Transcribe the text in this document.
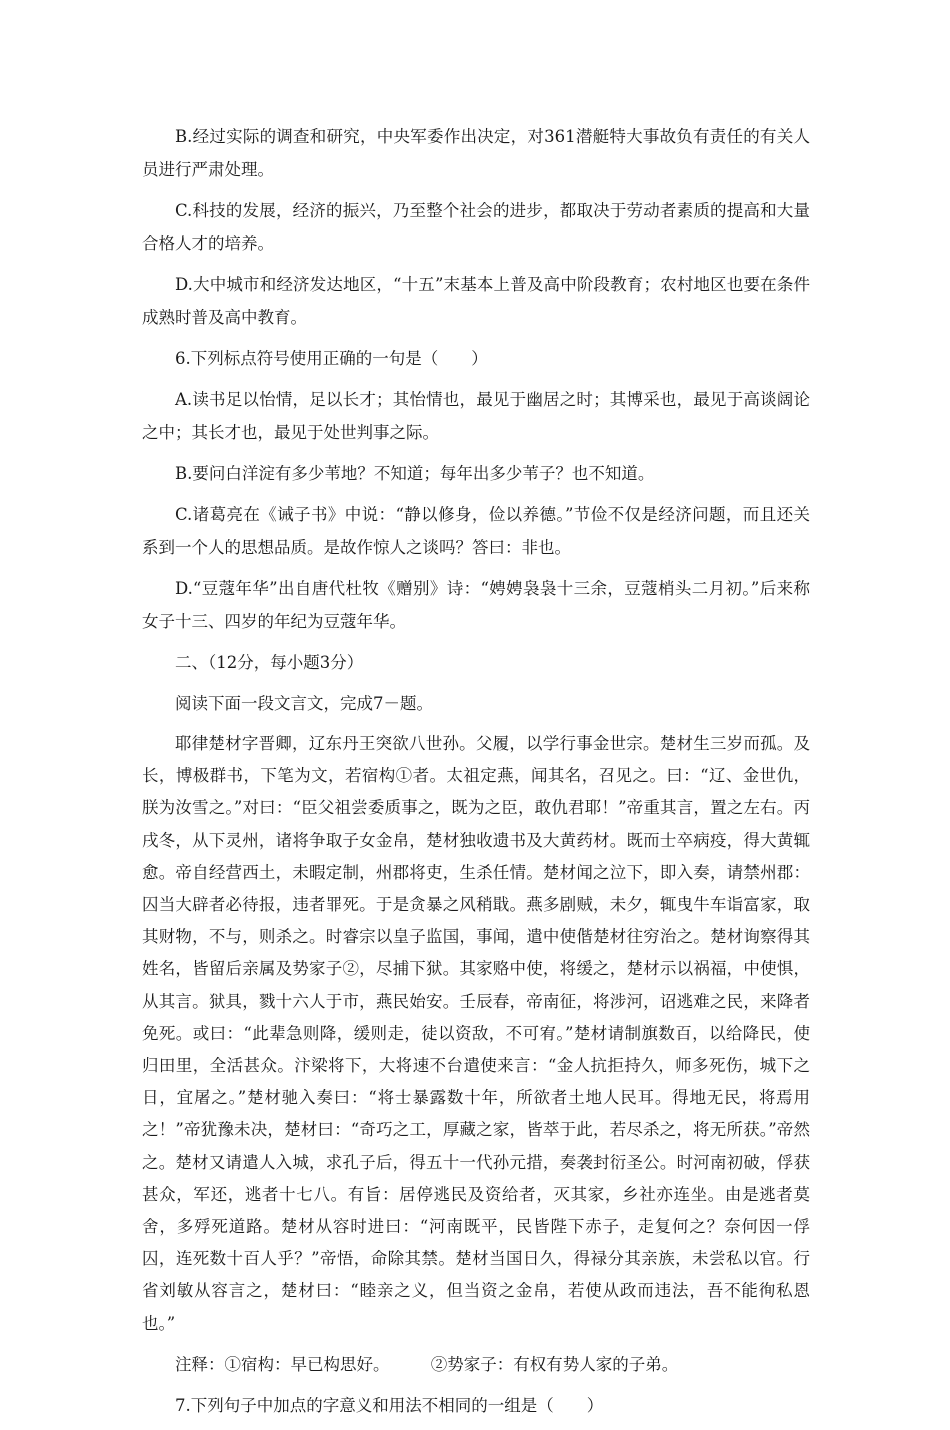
B.经过实际的调查和研究，中央军委作出决定，对361潜艇特大事故负有责任的有关人员进行严肃处理。

C.科技的发展，经济的振兴，乃至整个社会的进步，都取决于劳动者素质的提高和大量合格人才的培养。

D.大中城市和经济发达地区，“十五”末基本上普及高中阶段教育；农村地区也要在条件成熟时普及高中教育。

6.下列标点符号使用正确的一句是（　　）

A.读书足以怡情，足以长才；其怡情也，最见于幽居之时；其博采也，最见于高谈阔论之中；其长才也，最见于处世判事之际。

B.要问白洋淀有多少苇地？不知道；每年出多少苇子？也不知道。

C.诸葛亮在《诫子书》中说：“静以修身，俭以养德。”节俭不仅是经济问题，而且还关系到一个人的思想品质。是故作惊人之谈吗？答曰：非也。

D.“豆蔻年华”出自唐代杜牧《赠别》诗：“娉娉袅袅十三余，豆蔻梢头二月初。”后来称女子十三、四岁的年纪为豆蔻年华。

二、（12分，每小题3分）

阅读下面一段文言文，完成7－题。

耶律楚材字晋卿，辽东丹王突欲八世孙。父履，以学行事金世宗。楚材生三岁而孤。及长，博极群书，下笔为文，若宿构①者。太祖定燕，闻其名，召见之。曰：“辽、金世仇，朕为汝雪之。”对曰：“臣父祖尝委质事之，既为之臣，敢仇君耶！”帝重其言，置之左右。丙戌冬，从下灵州，诸将争取子女金帛，楚材独收遗书及大黄药材。既而士卒病疫，得大黄辄愈。帝自经营西土，未暇定制，州郡将吏，生杀任情。楚材闻之泣下，即入奏，请禁州郡：囚当大辟者必待报，违者罪死。于是贪暴之风稍戢。燕多剧贼，未夕，辄曳牛车诣富家，取其财物，不与，则杀之。时睿宗以皇子监国，事闻，遣中使偕楚材往穷治之。楚材询察得其姓名，皆留后亲属及势家子②，尽捕下狱。其家赂中使，将缓之，楚材示以祸福，中使惧，从其言。狱具，戮十六人于市，燕民始安。壬辰春，帝南征，将涉河，诏逃难之民，来降者免死。或曰：“此辈急则降，缓则走，徒以资敌，不可宥。”楚材请制旗数百，以给降民，使归田里，全活甚众。汴梁将下，大将速不台遣使来言：“金人抗拒持久，师多死伤，城下之日，宜屠之。”楚材驰入奏曰：“将士暴露数十年，所欲者土地人民耳。得地无民，将焉用之！”帝犹豫未决，楚材曰：“奇巧之工，厚藏之家，皆萃于此，若尽杀之，将无所获。”帝然之。楚材又请遣人入城，求孔子后，得五十一代孙元措，奏袭封衍圣公。时河南初破，俘获甚众，军还，逃者十七八。有旨：居停逃民及资给者，灭其家，乡社亦连坐。由是逃者莫舍，多殍死道路。楚材从容时进曰：“河南既平，民皆陛下赤子，走复何之？奈何因一俘囚，连死数十百人乎？”帝悟，命除其禁。楚材当国日久，得禄分其亲族，未尝私以官。行省刘敏从容言之，楚材曰：“睦亲之义，但当资之金帛，若使从政而违法，吾不能徇私恩也。”

注释：①宿构：早已构思好。　　　②势家子：有权有势人家的子弟。

7.下列句子中加点的字意义和用法不相同的一组是（　　）
